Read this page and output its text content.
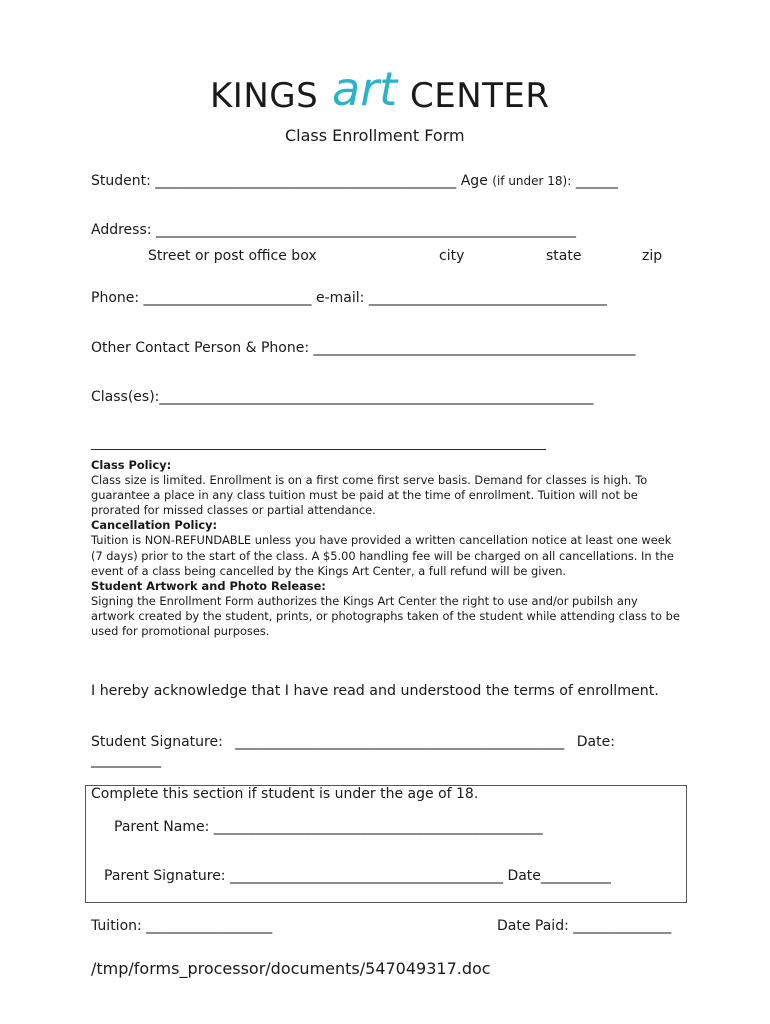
KINGS art CENTER
Class Enrollment Form
Student: ___________________________________________ Age (if under 18): ______
Address: ____________________________________________________________
Street or post office box	city	state	zip
Phone: ________________________ e-mail: __________________________________
Other Contact Person & Phone: ______________________________________________
Class(es):______________________________________________________________
______________________________________________________________________
Class Policy:
Class size is limited. Enrollment is on a first come first serve basis. Demand for classes is high. To guarantee a place in any class tuition must be paid at the time of enrollment. Tuition will not be prorated for missed classes or partial attendance.
Cancellation Policy:
Tuition is NON-REFUNDABLE unless you have provided a written cancellation notice at least one week
(7 days) prior to the start of the class. A $5.00 handling fee will be charged on all cancellations. In the event of a class being cancelled by the Kings Art Center, a full refund will be given.
Student Artwork and Photo Release:
Signing the Enrollment Form authorizes the Kings Art Center the right to use and/or pubilsh any artwork created by the student, prints, or photographs taken of the student while attending class to be used for promotional purposes.
I hereby acknowledge that I have read and understood the terms of enrollment.
Student Signature: _______________________________________________ Date:
__________
Complete this section if student is under the age of 18.
Parent Name: _______________________________________________
Parent Signature: _______________________________________ Date__________
Tuition: __________________	Date Paid: ______________
/tmp/forms_processor/documents/547049317.doc
